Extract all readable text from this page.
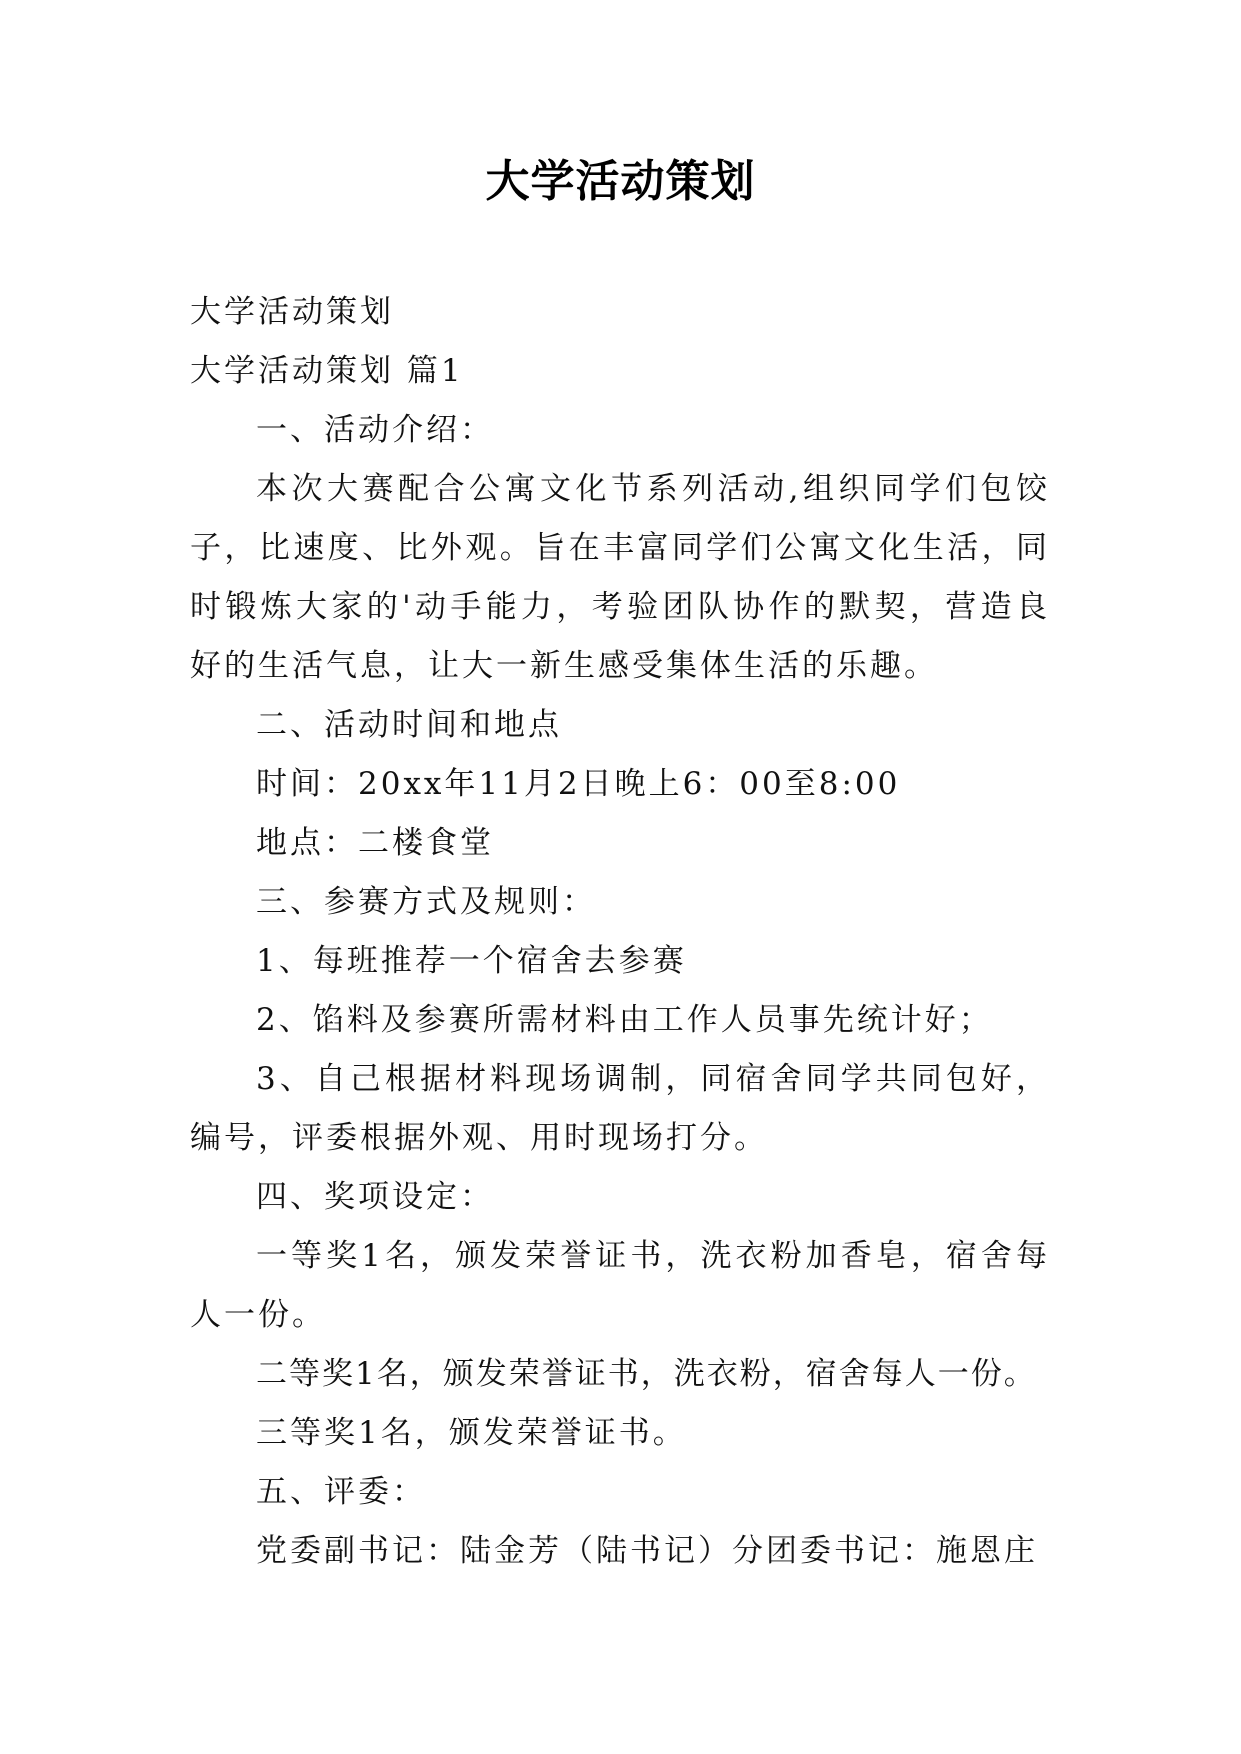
大学活动策划

大学活动策划

大学活动策划 篇1

一、活动介绍：

本次大赛配合公寓文化节系列活动,组织同学们包饺子，比速度、比外观。旨在丰富同学们公寓文化生活，同时锻炼大家的'动手能力，考验团队协作的默契，营造良好的生活气息，让大一新生感受集体生活的乐趣。

二、活动时间和地点

时间：20xx年11月2日晚上6：00至8:00

地点：二楼食堂

三、参赛方式及规则：

1、每班推荐一个宿舍去参赛

2、馅料及参赛所需材料由工作人员事先统计好；

3、自己根据材料现场调制，同宿舍同学共同包好，编号，评委根据外观、用时现场打分。

四、奖项设定：

一等奖1名，颁发荣誉证书，洗衣粉加香皂，宿舍每人一份。

二等奖1名，颁发荣誉证书，洗衣粉，宿舍每人一份。

三等奖1名，颁发荣誉证书。

五、评委：

党委副书记：陆金芳（陆书记）分团委书记：施恩庄
